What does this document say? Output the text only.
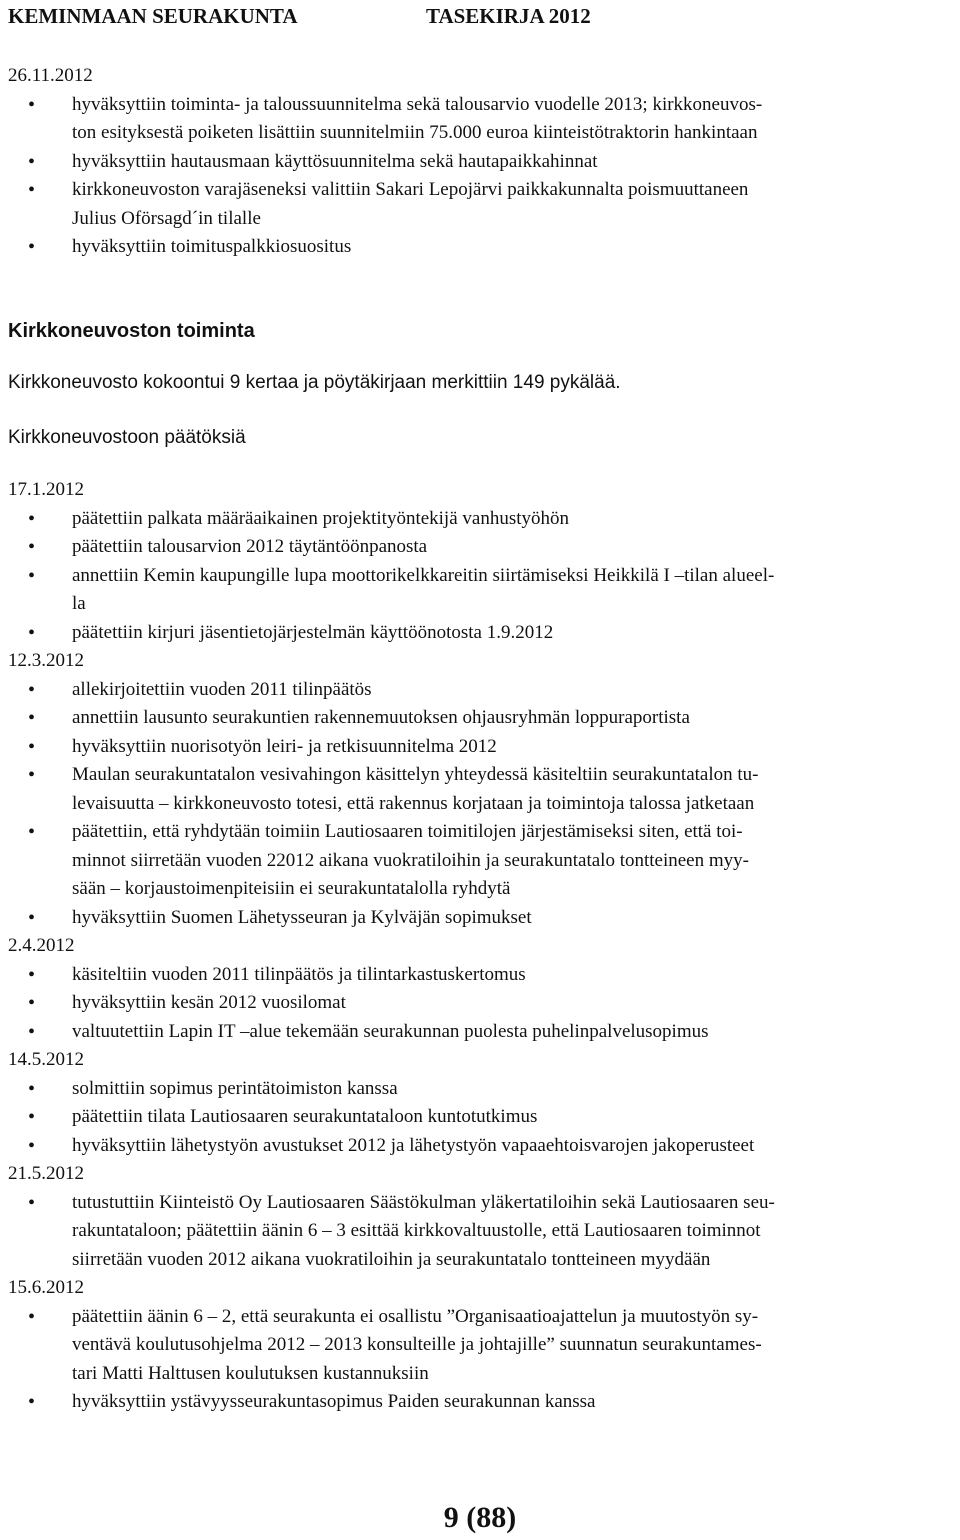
KEMINMAAN SEURAKUNTA	TASEKIRJA 2012
26.11.2012
• hyväksyttiin toiminta- ja taloussuunnitelma sekä talousarvio vuodelle 2013; kirkkoneuvos-
ton esityksestä poiketen lisättiin suunnitelmiin 75.000 euroa kiinteistötraktorin hankintaan
• hyväksyttiin hautausmaan käyttösuunnitelma sekä hautapaikkahinnat
• kirkkoneuvoston varajäseneksi valittiin Sakari Lepojärvi paikkakunnalta poismuuttaneen
Julius Oförsagd´in tilalle
• hyväksyttiin toimituspalkkiosuositus
Kirkkoneuvoston toiminta

Kirkkoneuvosto kokoontui 9 kertaa ja pöytäkirjaan merkittiin 149 pykälää.

Kirkkoneuvostoon päätöksiä

17.1.2012
• päätettiin palkata määräaikainen projektityöntekijä vanhustyöhön
• päätettiin talousarvion 2012 täytäntöönpanosta
• annettiin Kemin kaupungille lupa moottorikelkkareitin siirtämiseksi Heikkilä I –tilan alueel-
la
• päätettiin kirjuri jäsentietojärjestelmän käyttöönotosta 1.9.2012
12.3.2012
• allekirjoitettiin vuoden 2011 tilinpäätös
• annettiin lausunto seurakuntien rakennemuutoksen ohjausryhmän loppuraportista
• hyväksyttiin nuorisotyön leiri- ja retkisuunnitelma 2012
• Maulan seurakuntatalon vesivahingon käsittelyn yhteydessä käsiteltiin seurakuntatalon tu-
levaisuutta – kirkkoneuvosto totesi, että rakennus korjataan ja toimintoja talossa jatketaan
• päätettiin, että ryhdytään toimiin Lautiosaaren toimitilojen järjestämiseksi siten, että toi-
minnot siirretään vuoden 22012 aikana vuokratiloihin ja seurakuntatalo tontteineen myy-
sään – korjaustoimenpiteisiin ei seurakuntatalolla ryhdytä
• hyväksyttiin Suomen Lähetysseuran ja Kylväjän sopimukset
2.4.2012
• käsiteltiin vuoden 2011 tilinpäätös ja tilintarkastuskertomus
• hyväksyttiin kesän 2012 vuosilomat
• valtuutettiin Lapin IT –alue tekemään seurakunnan puolesta puhelinpalvelusopimus
14.5.2012
• solmittiin sopimus perintätoimiston kanssa
• päätettiin tilata Lautiosaaren seurakuntataloon kuntotutkimus
• hyväksyttiin lähetystyön avustukset 2012 ja lähetystyön vapaaehtoisvarojen jakoperusteet
21.5.2012
• tutustuttiin Kiinteistö Oy Lautiosaaren Säästökulman yläkertatiloihin sekä Lautiosaaren seu-
rakuntataloon; päätettiin äänin 6 – 3 esittää kirkkovaltuustolle, että Lautiosaaren toiminnot
siirretään vuoden 2012 aikana vuokratiloihin ja seurakuntatalo tontteineen myydään
15.6.2012
• päätettiin äänin 6 – 2, että seurakunta ei osallistu ”Organisaatioajattelun ja muutostyön sy-
ventävä koulutusohjelma 2012 – 2013 konsulteille ja johtajille” suunnatun seurakuntames-
tari Matti Halttusen koulutuksen kustannuksiin
• hyväksyttiin ystävyysseurakuntasopimus Paiden seurakunnan kanssa
9 (88)
